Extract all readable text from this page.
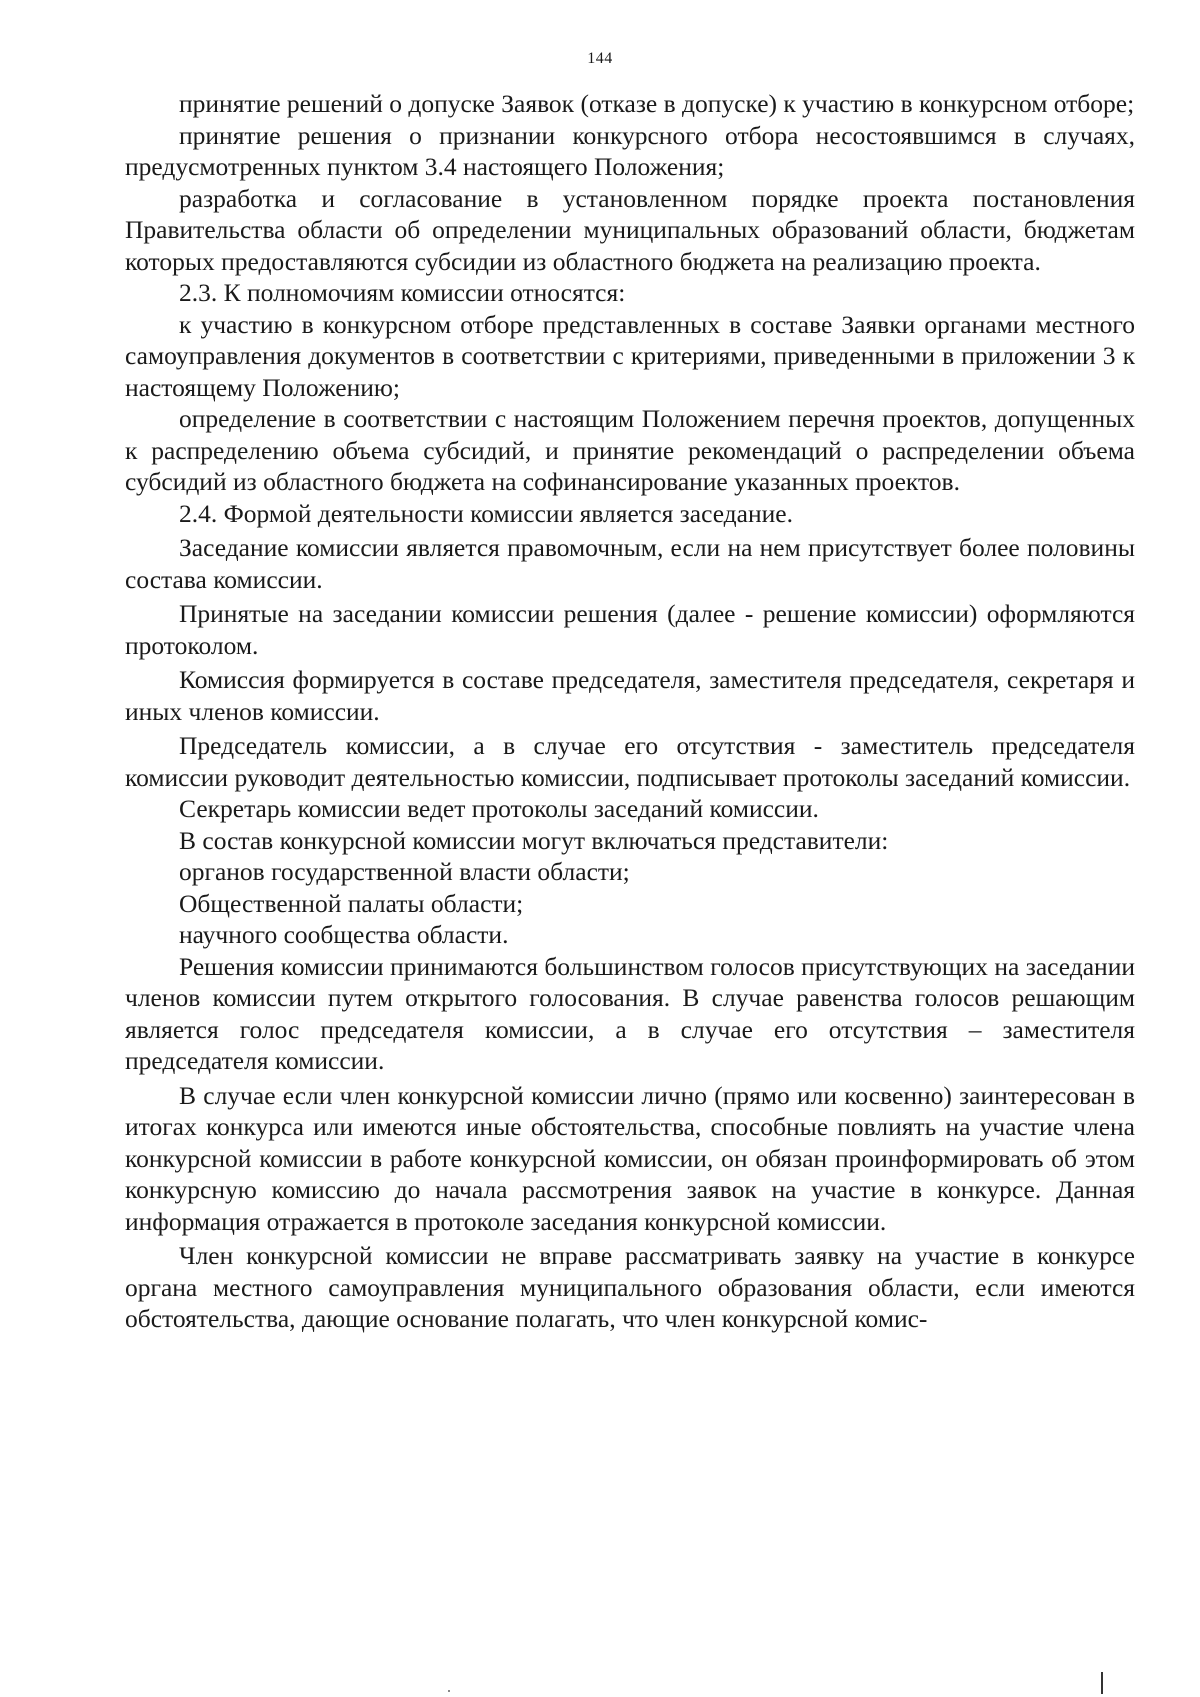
144

принятие решений о допуске Заявок (отказе в допуске) к участию в конкурсном отборе;

принятие решения о признании конкурсного отбора несостоявшимся в случаях, предусмотренных пунктом 3.4 настоящего Положения;

разработка и согласование в установленном порядке проекта постановления Правительства области об определении муниципальных образований области, бюджетам которых предоставляются субсидии из областного бюджета на реализацию проекта.

2.3. К полномочиям комиссии относятся:

к участию в конкурсном отборе представленных в составе Заявки органами местного самоуправления документов в соответствии с критериями, приведенными в приложении 3 к настоящему Положению;

определение в соответствии с настоящим Положением перечня проектов, допущенных к распределению объема субсидий, и принятие рекомендаций о распределении объема субсидий из областного бюджета на софинансирование указанных проектов.

2.4. Формой деятельности комиссии является заседание.

Заседание комиссии является правомочным, если на нем присутствует более половины состава комиссии.

Принятые на заседании комиссии решения (далее - решение комиссии) оформляются протоколом.

Комиссия формируется в составе председателя, заместителя председателя, секретаря и иных членов комиссии.

Председатель комиссии, а в случае его отсутствия - заместитель председателя комиссии руководит деятельностью комиссии, подписывает протоколы заседаний комиссии.

Секретарь комиссии ведет протоколы заседаний комиссии.

В состав конкурсной комиссии могут включаться представители:

органов государственной власти области;

Общественной палаты области;

научного сообщества области.

Решения комиссии принимаются большинством голосов присутствующих на заседании членов комиссии путем открытого голосования. В случае равенства голосов решающим является голос председателя комиссии, а в случае его отсутствия – заместителя председателя комиссии.

В случае если член конкурсной комиссии лично (прямо или косвенно) заинтересован в итогах конкурса или имеются иные обстоятельства, способные повлиять на участие члена конкурсной комиссии в работе конкурсной комиссии, он обязан проинформировать об этом конкурсную комиссию до начала рассмотрения заявок на участие в конкурсе. Данная информация отражается в протоколе заседания конкурсной комиссии.

Член конкурсной комиссии не вправе рассматривать заявку на участие в конкурсе органа местного самоуправления муниципального образования области, если имеются обстоятельства, дающие основание полагать, что член конкурсной комис-
